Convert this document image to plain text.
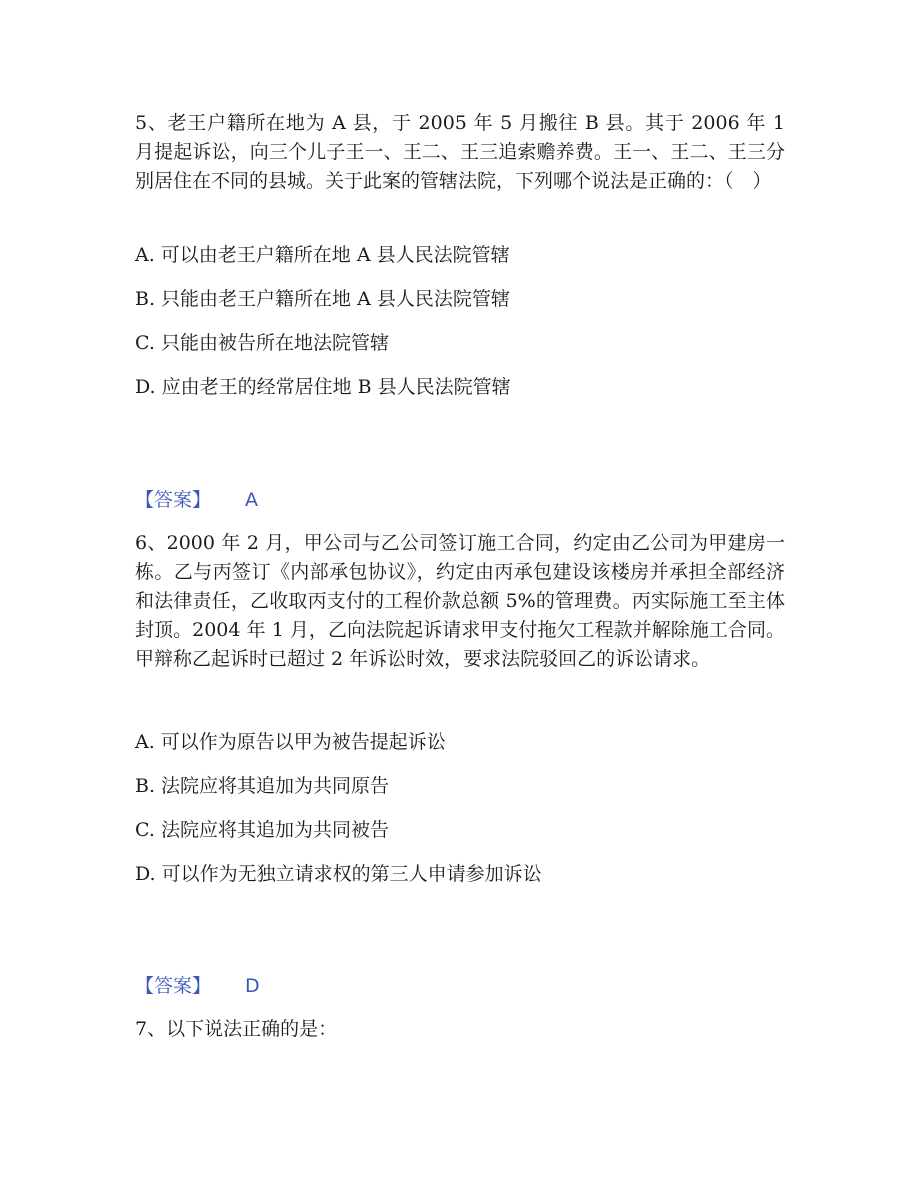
5、老王户籍所在地为 A 县，于 2005 年 5 月搬往 B 县。其于 2006 年 1 月提起诉讼，向三个儿子王一、王二、王三追索赡养费。王一、王二、王三分别居住在不同的县城。关于此案的管辖法院，下列哪个说法是正确的：（　）
A. 可以由老王户籍所在地 A 县人民法院管辖
B. 只能由老王户籍所在地 A 县人民法院管辖
C. 只能由被告所在地法院管辖
D. 应由老王的经常居住地 B 县人民法院管辖
【答案】 A
6、2000 年 2 月，甲公司与乙公司签订施工合同，约定由乙公司为甲建房一栋。乙与丙签订《内部承包协议》，约定由丙承包建设该楼房并承担全部经济和法律责任，乙收取丙支付的工程价款总额 5%的管理费。丙实际施工至主体封顶。2004 年 1 月，乙向法院起诉请求甲支付拖欠工程款并解除施工合同。甲辩称乙起诉时已超过 2 年诉讼时效，要求法院驳回乙的诉讼请求。
A. 可以作为原告以甲为被告提起诉讼
B. 法院应将其追加为共同原告
C. 法院应将其追加为共同被告
D. 可以作为无独立请求权的第三人申请参加诉讼
【答案】 D
7、以下说法正确的是：
